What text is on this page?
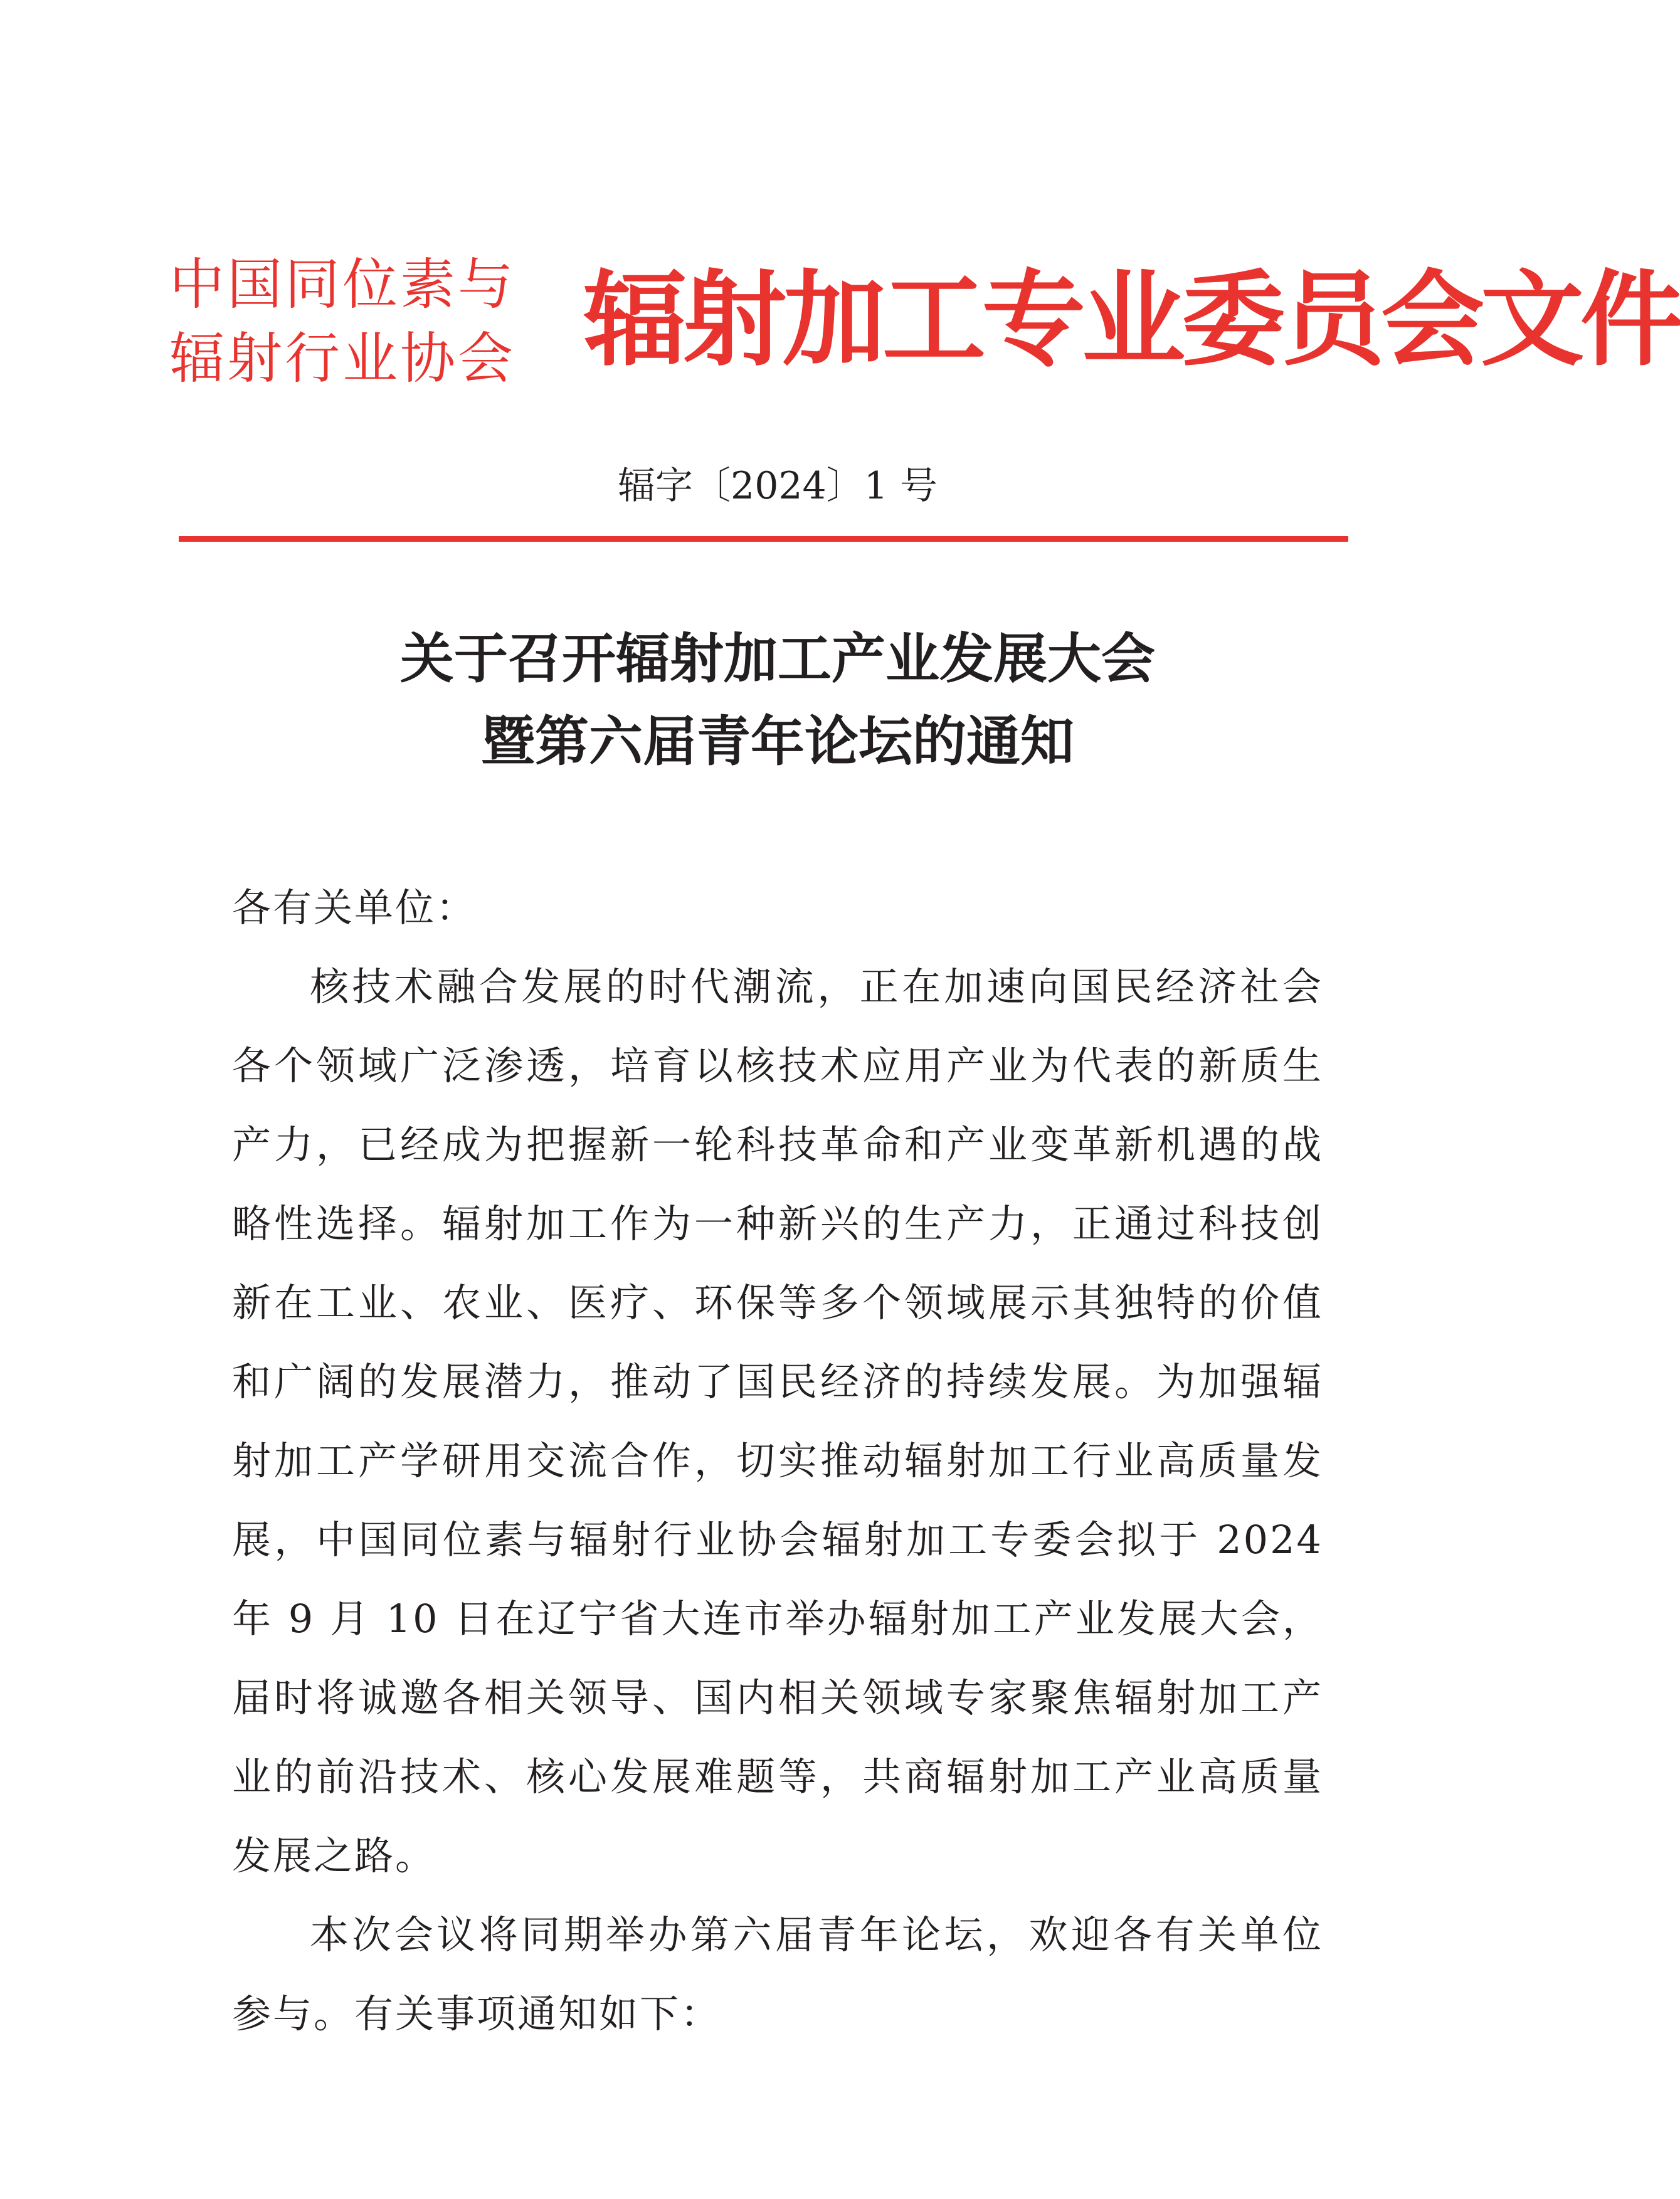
中国同位素与
辐射行业协会 辐射加工专业委员会文件
辐字〔2024〕1 号
关于召开辐射加工产业发展大会
暨第六届青年论坛的通知

各有关单位：

核技术融合发展的时代潮流，正在加速向国民经济社会各个领域广泛渗透，培育以核技术应用产业为代表的新质生产力，已经成为把握新一轮科技革命和产业变革新机遇的战略性选择。辐射加工作为一种新兴的生产力，正通过科技创新在工业、农业、医疗、环保等多个领域展示其独特的价值和广阔的发展潜力，推动了国民经济的持续发展。为加强辐射加工产学研用交流合作，切实推动辐射加工行业高质量发展，中国同位素与辐射行业协会辐射加工专委会拟于 2024 年 9 月 10 日在辽宁省大连市举办辐射加工产业发展大会，届时将诚邀各相关领导、国内相关领域专家聚焦辐射加工产业的前沿技术、核心发展难题等，共商辐射加工产业高质量发展之路。

本次会议将同期举办第六届青年论坛，欢迎各有关单位参与。有关事项通知如下：
